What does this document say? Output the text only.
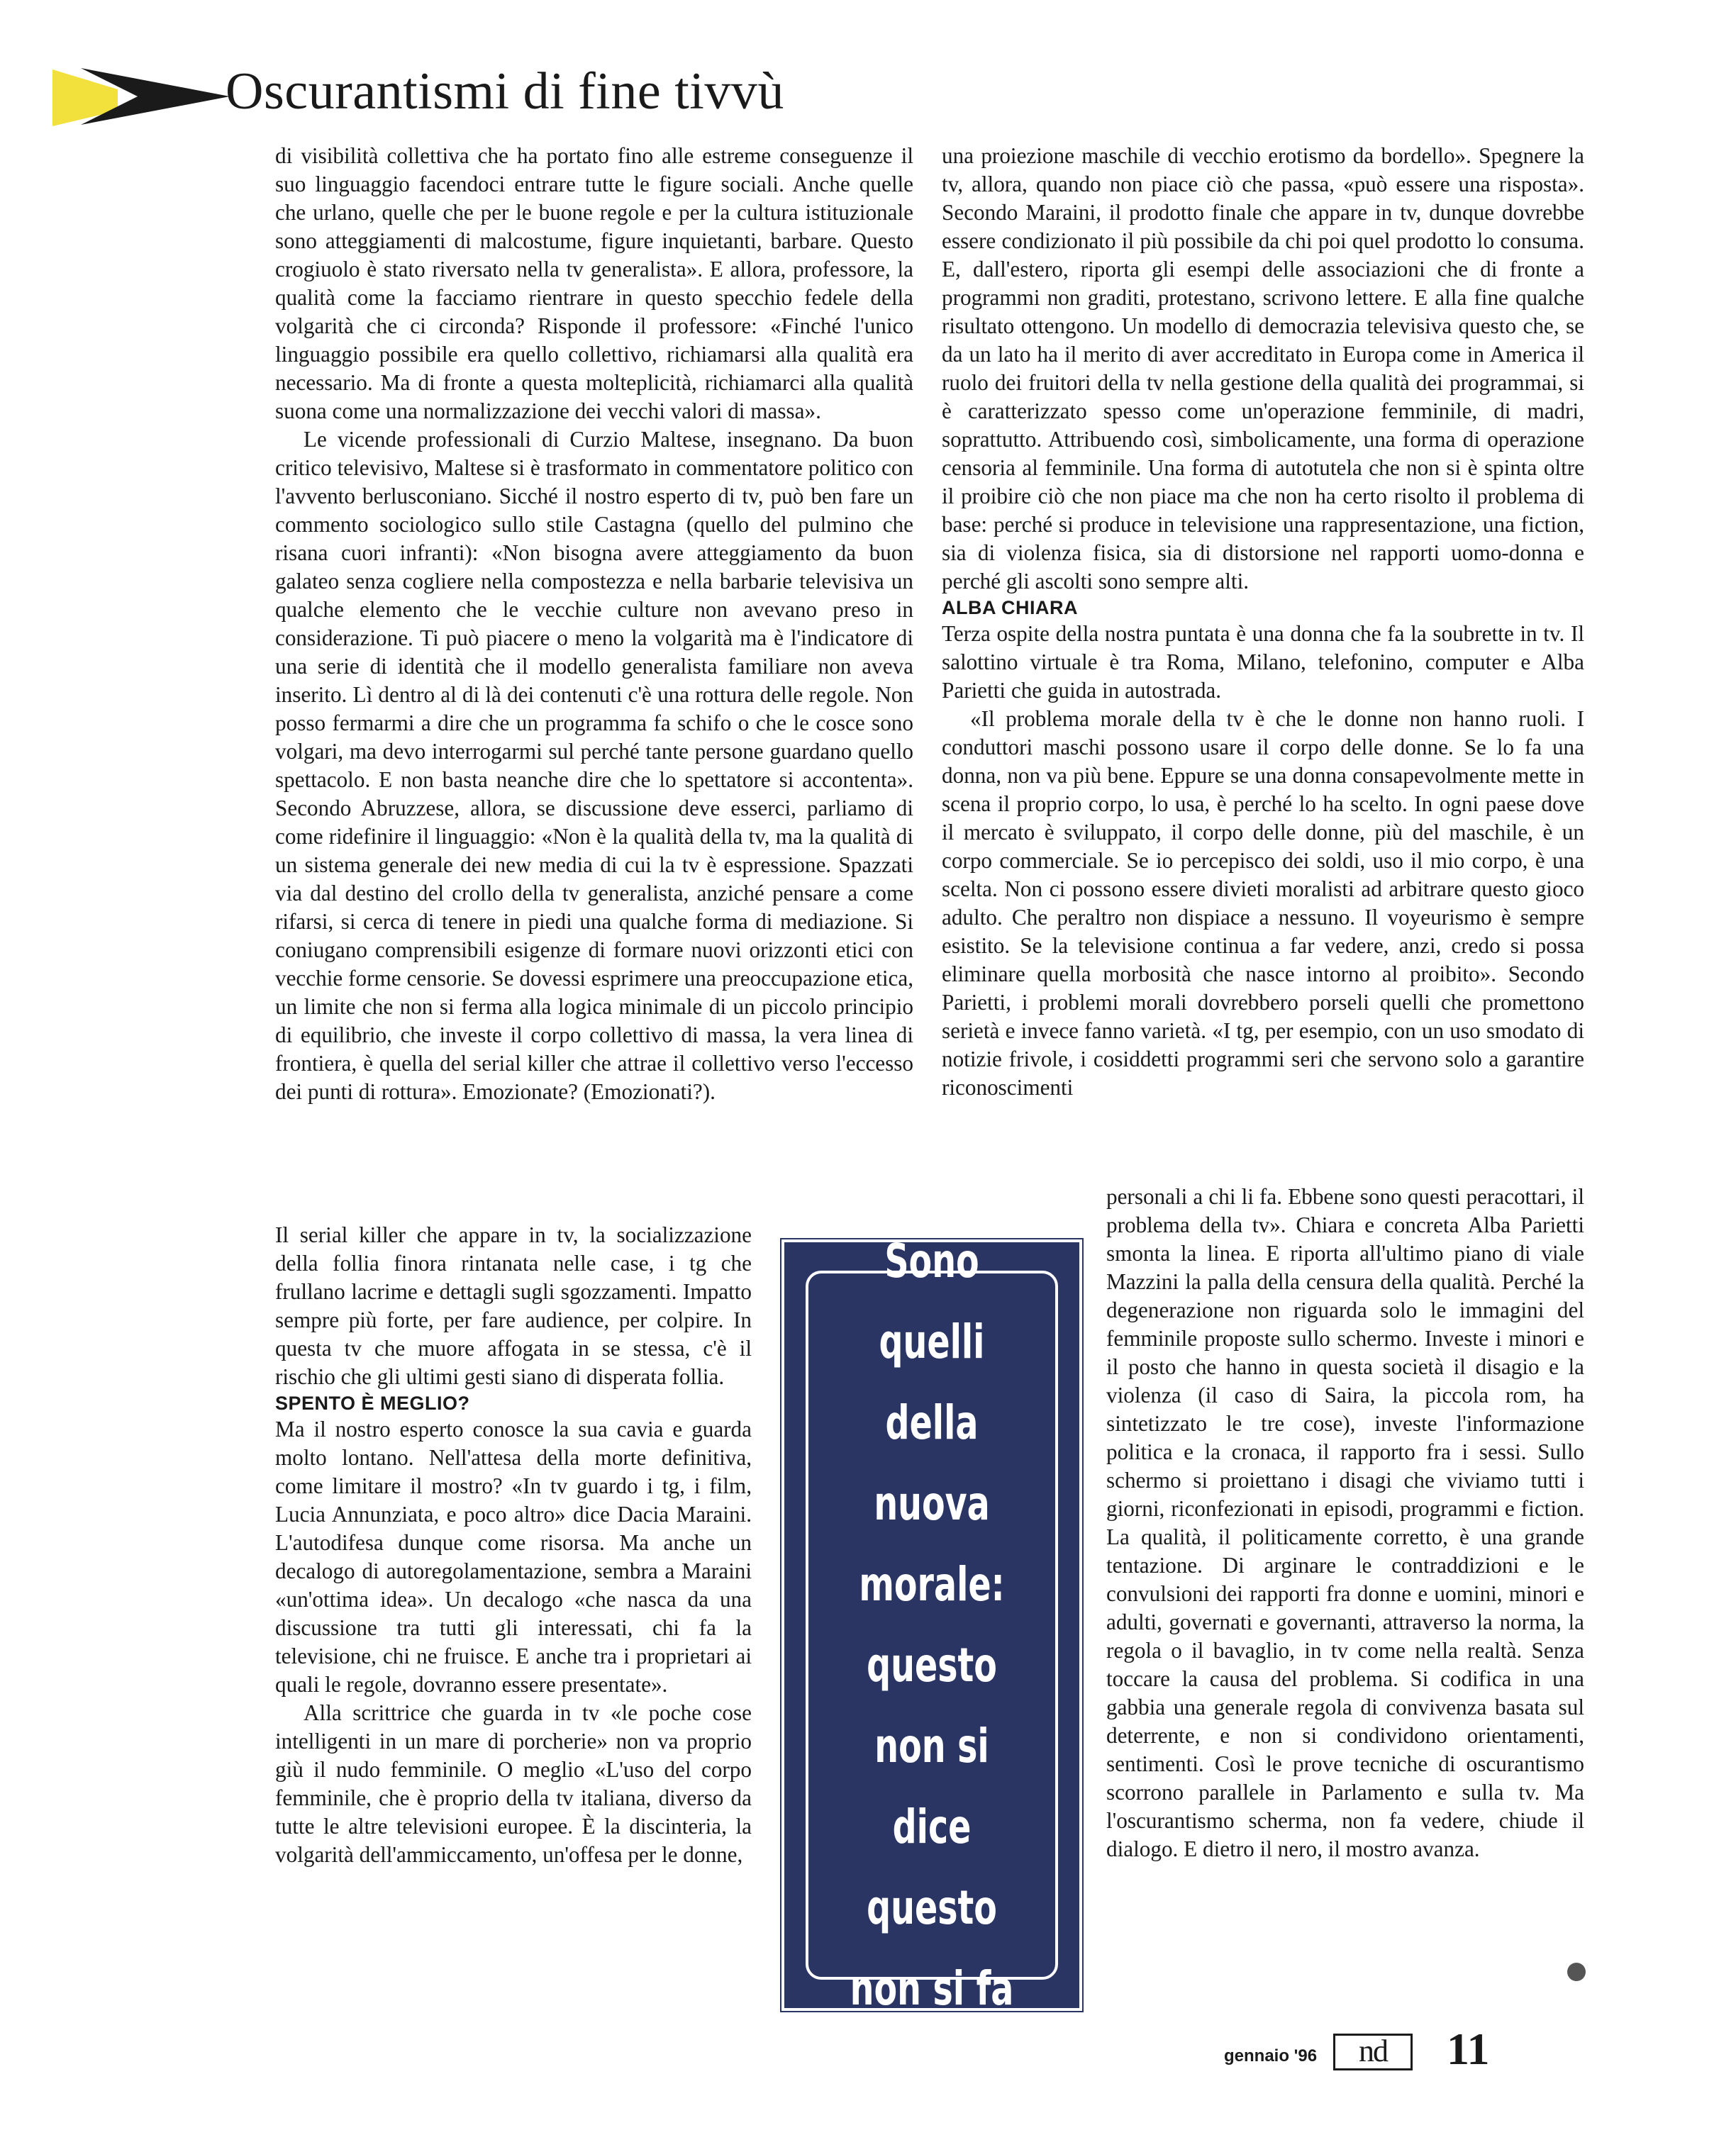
Oscurantismi di fine tivvù

di visibilità collettiva che ha portato fino alle estreme conseguenze il suo linguaggio facendoci entrare tutte le figure sociali. Anche quelle che urlano, quelle che per le buone regole e per la cultura istituzionale sono atteggiamenti di malcostume, figure inquietanti, barbare. Questo crogiuolo è stato riversato nella tv generalista». E allora, professore, la qualità come la facciamo rientrare in questo specchio fedele della volgarità che ci circonda? Risponde il professore: «Finché l'unico linguaggio possibile era quello collettivo, richiamarsi alla qualità era necessario. Ma di fronte a questa molteplicità, richiamarci alla qualità suona come una normalizzazione dei vecchi valori di massa».

Le vicende professionali di Curzio Maltese, insegnano. Da buon critico televisivo, Maltese si è trasformato in commentatore politico con l'avvento berlusconiano. Sicché il nostro esperto di tv, può ben fare un commento sociologico sullo stile Castagna (quello del pulmino che risana cuori infranti): «Non bisogna avere atteggiamento da buon galateo senza cogliere nella compostezza e nella barbarie televisiva un qualche elemento che le vecchie culture non avevano preso in considerazione. Ti può piacere o meno la volgarità ma è l'indicatore di una serie di identità che il modello generalista familiare non aveva inserito. Lì dentro al di là dei contenuti c'è una rottura delle regole. Non posso fermarmi a dire che un programma fa schifo o che le cosce sono volgari, ma devo interrogarmi sul perché tante persone guardano quello spettacolo. E non basta neanche dire che lo spettatore si accontenta». Secondo Abruzzese, allora, se discussione deve esserci, parliamo di come ridefinire il linguaggio: «Non è la qualità della tv, ma la qualità di un sistema generale dei new media di cui la tv è espressione. Spazzati via dal destino del crollo della tv generalista, anziché pensare a come rifarsi, si cerca di tenere in piedi una qualche forma di mediazione. Si coniugano comprensibili esigenze di formare nuovi orizzonti etici con vecchie forme censorie. Se dovessi esprimere una preoccupazione etica, un limite che non si ferma alla logica minimale di un piccolo principio di equilibrio, che investe il corpo collettivo di massa, la vera linea di frontiera, è quella del serial killer che attrae il collettivo verso l'eccesso dei punti di rottura». Emozionate? (Emozionati?).

Il serial killer che appare in tv, la socializzazione della follia finora rintanata nelle case, i tg che frullano lacrime e dettagli sugli sgozzamenti. Impatto sempre più forte, per fare audience, per colpire. In questa tv che muore affogata in se stessa, c'è il rischio che gli ultimi gesti siano di disperata follia.

SPENTO È MEGLIO?

Ma il nostro esperto conosce la sua cavia e guarda molto lontano. Nell'attesa della morte definitiva, come limitare il mostro? «In tv guardo i tg, i film, Lucia Annunziata, e poco altro» dice Dacia Maraini. L'autodifesa dunque come risorsa. Ma anche un decalogo di autoregolamentazione, sembra a Maraini «un'ottima idea». Un decalogo «che nasca da una discussione tra tutti gli interessati, chi fa la televisione, chi ne fruisce. E anche tra i proprietari ai quali le regole, dovranno essere presentate».

Alla scrittrice che guarda in tv «le poche cose intelligenti in un mare di porcherie» non va proprio giù il nudo femminile. O meglio «L'uso del corpo femminile, che è proprio della tv italiana, diverso da tutte le altre televisioni europee. È la discinteria, la volgarità dell'ammiccamento, un'offesa per le donne,

una proiezione maschile di vecchio erotismo da bordello». Spegnere la tv, allora, quando non piace ciò che passa, «può essere una risposta». Secondo Maraini, il prodotto finale che appare in tv, dunque dovrebbe essere condizionato il più possibile da chi poi quel prodotto lo consuma. E, dall'estero, riporta gli esempi delle associazioni che di fronte a programmi non graditi, protestano, scrivono lettere. E alla fine qualche risultato ottengono. Un modello di democrazia televisiva questo che, se da un lato ha il merito di aver accreditato in Europa come in America il ruolo dei fruitori della tv nella gestione della qualità dei programmai, si è caratterizzato spesso come un'operazione femminile, di madri, soprattutto. Attribuendo così, simbolicamente, una forma di operazione censoria al femminile. Una forma di autotutela che non si è spinta oltre il proibire ciò che non piace ma che non ha certo risolto il problema di base: perché si produce in televisione una rappresentazione, una fiction, sia di violenza fisica, sia di distorsione nel rapporti uomo-donna e perché gli ascolti sono sempre alti.

ALBA CHIARA

Terza ospite della nostra puntata è una donna che fa la soubrette in tv. Il salottino virtuale è tra Roma, Milano, telefonino, computer e Alba Parietti che guida in autostrada.

«Il problema morale della tv è che le donne non hanno ruoli. I conduttori maschi possono usare il corpo delle donne. Se lo fa una donna, non va più bene. Eppure se una donna consapevolmente mette in scena il proprio corpo, lo usa, è perché lo ha scelto. In ogni paese dove il mercato è sviluppato, il corpo delle donne, più del maschile, è un corpo commerciale. Se io percepisco dei soldi, uso il mio corpo, è una scelta. Non ci possono essere divieti moralisti ad arbitrare questo gioco adulto. Che peraltro non dispiace a nessuno. Il voyeurismo è sempre esistito. Se la televisione continua a far vedere, anzi, credo si possa eliminare quella morbosità che nasce intorno al proibito». Secondo Parietti, i problemi morali dovrebbero porseli quelli che promettono serietà e invece fanno varietà. «I tg, per esempio, con un uso smodato di notizie frivole, i cosiddetti programmi seri che servono solo a garantire riconoscimenti

personali a chi li fa. Ebbene sono questi peracottari, il problema della tv». Chiara e concreta Alba Parietti smonta la linea. E riporta all'ultimo piano di viale Mazzini la palla della censura della qualità. Perché la degenerazione non riguarda solo le immagini del femminile proposte sullo schermo. Investe i minori e il posto che hanno in questa società il disagio e la violenza (il caso di Saira, la piccola rom, ha sintetizzato le tre cose), investe l'informazione politica e la cronaca, il rapporto fra i sessi. Sullo schermo si proiettano i disagi che viviamo tutti i giorni, riconfezionati in episodi, programmi e fiction. La qualità, il politicamente corretto, è una grande tentazione. Di arginare le contraddizioni e le convulsioni dei rapporti fra donne e uomini, minori e adulti, governati e governanti, attraverso la norma, la regola o il bavaglio, in tv come nella realtà. Senza toccare la causa del problema. Si codifica in una gabbia una generale regola di convivenza basata sul deterrente, e non si condividono orientamenti, sentimenti. Così le prove tecniche di oscurantismo scorrono parallele in Parlamento e sulla tv. Ma l'oscurantismo scherma, non fa vedere, chiude il dialogo. E dietro il nero, il mostro avanza.

Sono
quelli
della nuova
morale:
questo
non si dice
questo
non si fa
gennaio '96	nd	11
